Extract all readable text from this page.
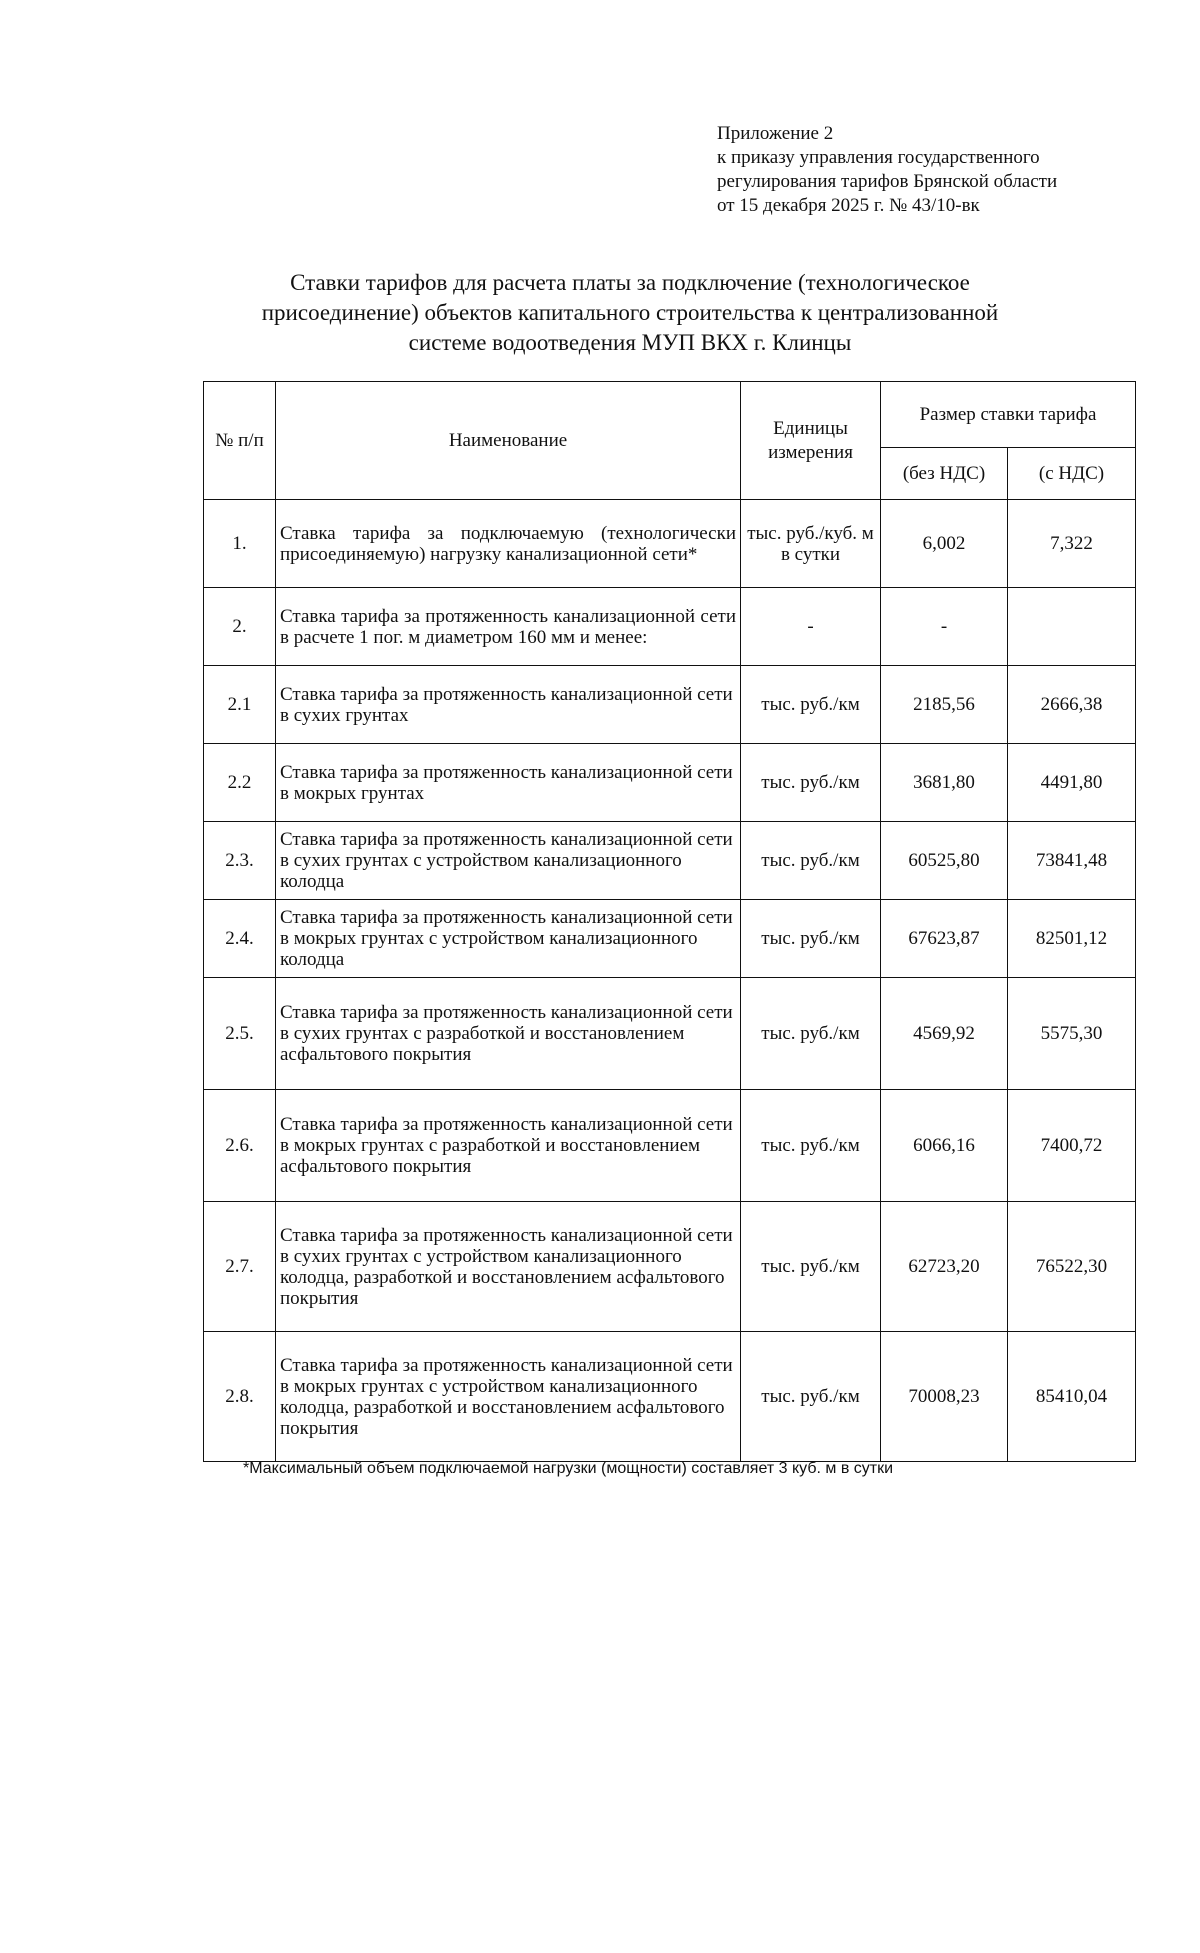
Приложение 2
к приказу управления государственного
регулирования тарифов Брянской области
от 15 декабря 2025 г. № 43/10-вк
Ставки тарифов для расчета платы за подключение (технологическое
присоединение) объектов капитального строительства к централизованной
системе водоотведения МУП ВКХ г. Клинцы
№ п/п	Наименование	Единицы измерения	Размер ставки тарифа	
			(без НДС)	(с НДС)
1.	Ставка тарифа за подключаемую (технологически присоединяемую) нагрузку канализационной сети*	тыс. руб./куб. м в сутки	6,002	7,322
2.	Ставка тарифа за протяженность канализационной сети в расчете 1 пог. м диаметром 160 мм и менее:	-	-	
2.1	Ставка тарифа за протяженность канализационной сети в сухих грунтах	тыс. руб./км	2185,56	2666,38
2.2	Ставка тарифа за протяженность канализационной сети в мокрых грунтах	тыс. руб./км	3681,80	4491,80
2.3.	Ставка тарифа за протяженность канализационной сети в сухих грунтах с устройством канализационного колодца	тыс. руб./км	60525,80	73841,48
2.4.	Ставка тарифа за протяженность канализационной сети в мокрых грунтах с устройством канализационного колодца	тыс. руб./км	67623,87	82501,12
2.5.	Ставка тарифа за протяженность канализационной сети в сухих грунтах с разработкой и восстановлением асфальтового покрытия	тыс. руб./км	4569,92	5575,30
2.6.	Ставка тарифа за протяженность канализационной сети в мокрых грунтах с разработкой и восстановлением асфальтового покрытия	тыс. руб./км	6066,16	7400,72
2.7.	Ставка тарифа за протяженность канализационной сети в сухих грунтах с устройством канализационного колодца, разработкой и восстановлением асфальтового покрытия	тыс. руб./км	62723,20	76522,30
2.8.	Ставка тарифа за протяженность канализационной сети в мокрых грунтах с устройством канализационного колодца, разработкой и восстановлением асфальтового покрытия	тыс. руб./км	70008,23	85410,04
*Максимальный объем подключаемой нагрузки (мощности) составляет 3 куб. м в сутки
